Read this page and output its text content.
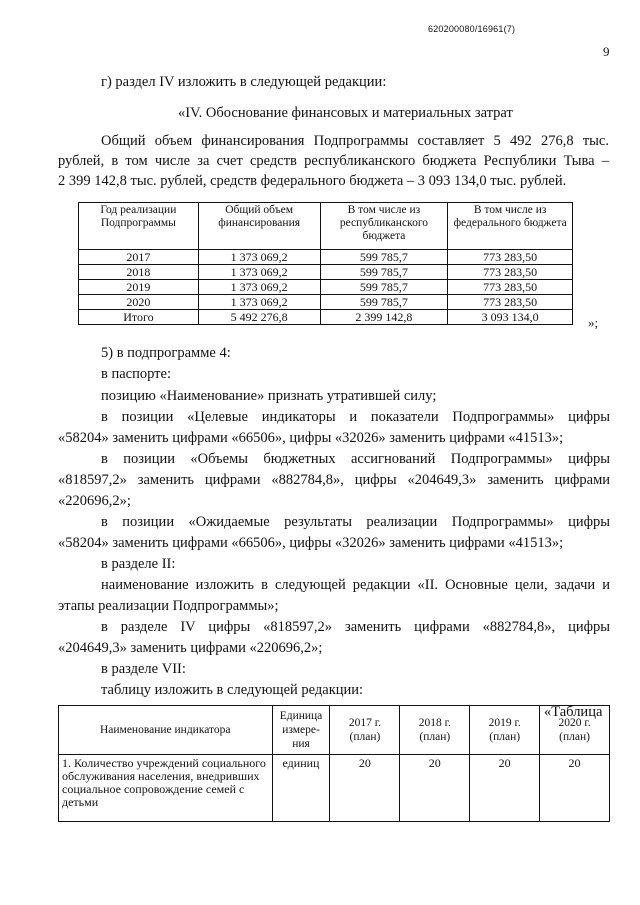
620200080/16961(7)
9
г) раздел IV изложить в следующей редакции:
«IV. Обоснование финансовых и материальных затрат
Общий объем финансирования Подпрограммы составляет 5 492 276,8 тыс.
рублей, в том числе за счет средств республиканского бюджета Республики Тыва –
2 399 142,8 тыс. рублей, средств федерального бюджета – 3 093 134,0 тыс. рублей.
Год реализации Подпрограммы	Общий объем финансирования	В том числе из республиканского бюджета	В том числе из федерального бюджета
2017	1 373 069,2	599 785,7	773 283,50
2018	1 373 069,2	599 785,7	773 283,50
2019	1 373 069,2	599 785,7	773 283,50
2020	1 373 069,2	599 785,7	773 283,50
Итого	5 492 276,8	2 399 142,8	3 093 134,0	»;
5) в подпрограмме 4:
в паспорте:
позицию «Наименование» признать утратившей силу;
в позиции «Целевые индикаторы и показатели Подпрограммы» цифры
«58204» заменить цифрами «66506», цифры «32026» заменить цифрами «41513»;
в позиции «Объемы бюджетных ассигнований Подпрограммы» цифры
«818597,2» заменить цифрами «882784,8», цифры «204649,3» заменить цифрами
«220696,2»;
в позиции «Ожидаемые результаты реализации Подпрограммы» цифры
«58204» заменить цифрами «66506», цифры «32026» заменить цифрами «41513»;
в разделе II:
наименование изложить в следующей редакции «II. Основные цели, задачи и
этапы реализации Подпрограммы»;
в разделе IV цифры «818597,2» заменить цифрами «882784,8», цифры
«204649,3» заменить цифрами «220696,2»;
в разделе VII:
таблицу изложить в следующей редакции:
«Таблица
Наименование индикатора	Единица измере-ния	2017 г. (план)	2018 г. (план)	2019 г. (план)	2020 г. (план)
1. Количество учреждений социального обслуживания населения, внедривших социальное сопровождение семей с детьми	единиц	20	20	20	20
